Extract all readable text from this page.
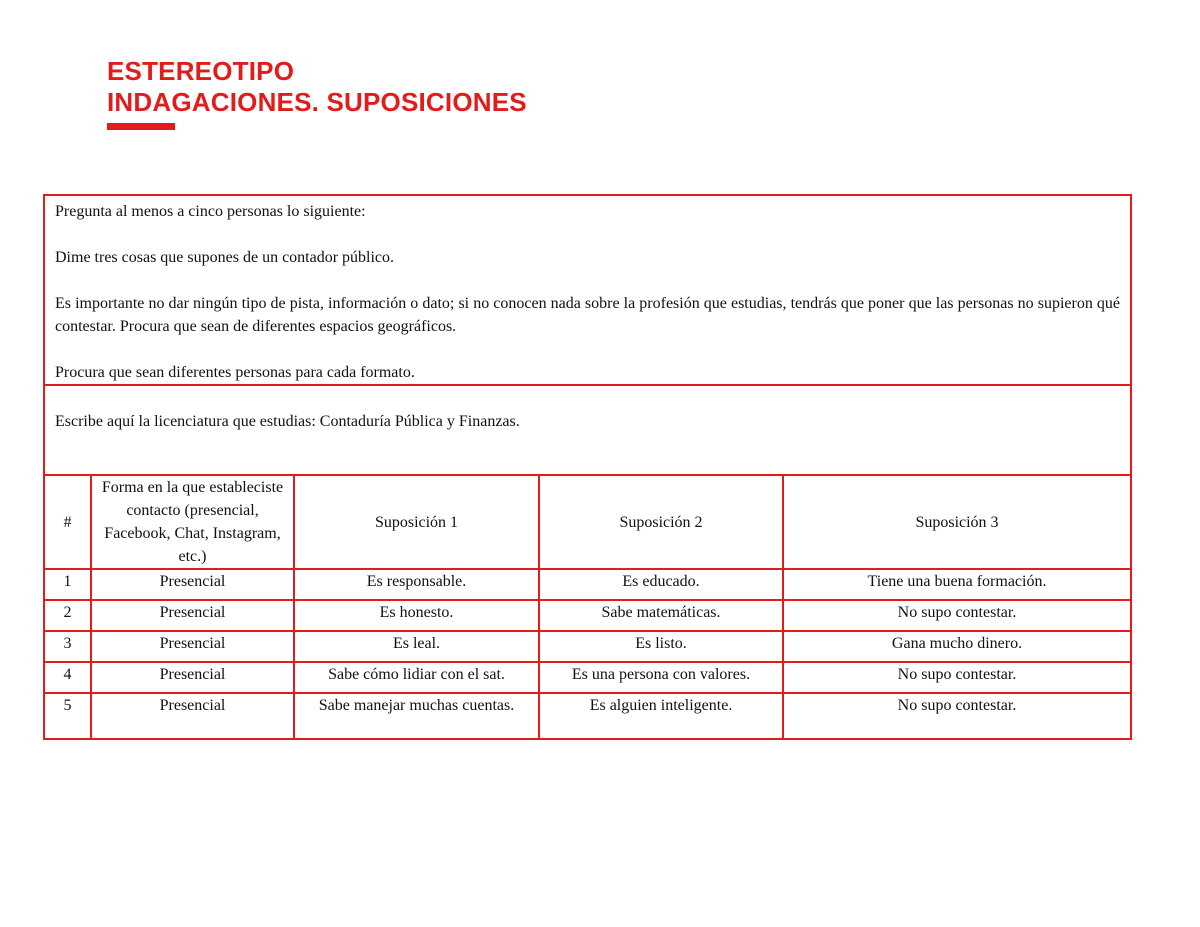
ESTEREOTIPO
INDAGACIONES. SUPOSICIONES

Pregunta al menos a cinco personas lo siguiente:

Dime tres cosas que supones de un contador público.

Es importante no dar ningún tipo de pista, información o dato; si no conocen nada sobre la profesión que estudias, tendrás que poner que las personas no supieron qué contestar. Procura que sean de diferentes espacios geográficos.

Procura que sean diferentes personas para cada formato.				

Escribe aquí la licenciatura que estudias: Contaduría Pública y Finanzas.				
#	Forma en la que estableciste contacto (presencial, Facebook, Chat, Instagram, etc.)	Suposición 1	Suposición 2	Suposición 3
1	Presencial	Es responsable.	Es educado.	Tiene una buena formación.
2	Presencial	Es honesto.	Sabe matemáticas.	No supo contestar.
3	Presencial	Es leal.	Es listo.	Gana mucho dinero.
4	Presencial	Sabe cómo lidiar con el sat.	Es una persona con valores.	No supo contestar.
5	Presencial	Sabe manejar muchas cuentas.	Es alguien inteligente.	No supo contestar.
